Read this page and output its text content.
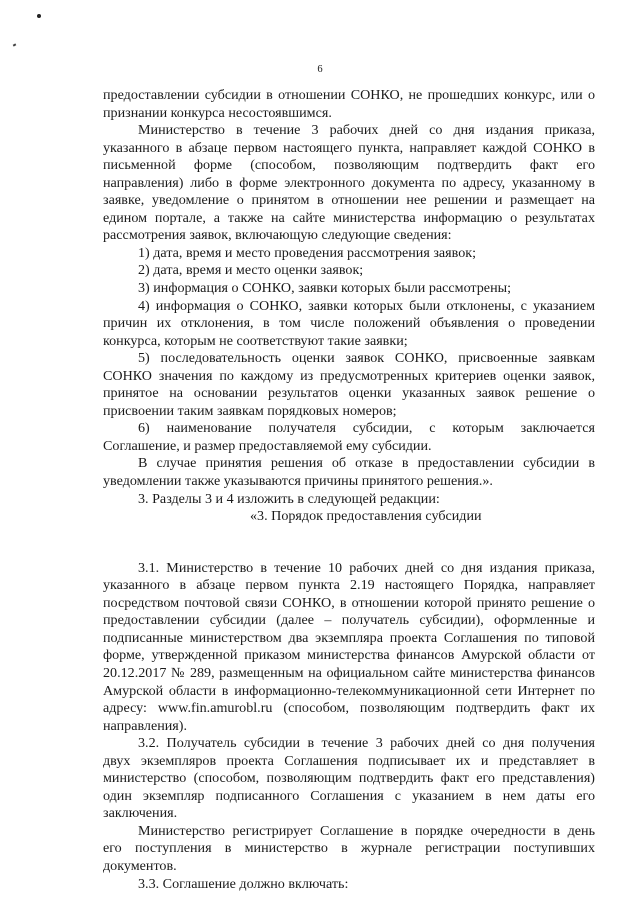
6

предоставлении субсидии в отношении СОНКО, не прошедших конкурс, или о

признании конкурса несостоявшимся.

Министерство в течение 3 рабочих дней со дня издания приказа,

указанного в абзаце первом настоящего пункта, направляет каждой СОНКО в

письменной форме (способом, позволяющим подтвердить факт его

направления) либо в форме электронного документа по адресу, указанному в

заявке, уведомление о принятом в отношении нее решении и размещает на

едином портале, а также на сайте министерства информацию о результатах

рассмотрения заявок, включающую следующие сведения:

1) дата, время и место проведения рассмотрения заявок;

2) дата, время и место оценки заявок;

3) информация о СОНКО, заявки которых были рассмотрены;

4) информация о СОНКО, заявки которых были отклонены, с указанием

причин их отклонения, в том числе положений объявления о проведении

конкурса, которым не соответствуют такие заявки;

5) последовательность оценки заявок СОНКО, присвоенные заявкам

СОНКО значения по каждому из предусмотренных критериев оценки заявок,

принятое на основании результатов оценки указанных заявок решение о

присвоении таким заявкам порядковых номеров;

6) наименование получателя субсидии, с которым заключается

Соглашение, и размер предоставляемой ему субсидии.

В случае принятия решения об отказе в предоставлении субсидии в

уведомлении также указываются причины принятого решения.».

3. Разделы 3 и 4 изложить в следующей редакции:

«3. Порядок предоставления субсидии

3.1. Министерство в течение 10 рабочих дней со дня издания приказа,

указанного в абзаце первом пункта 2.19 настоящего Порядка, направляет

посредством почтовой связи СОНКО, в отношении которой принято решение о

предоставлении субсидии (далее – получатель субсидии), оформленные и

подписанные министерством два экземпляра проекта Соглашения по типовой

форме, утвержденной приказом министерства финансов Амурской области от

20.12.2017 № 289, размещенным на официальном сайте министерства финансов

Амурской области в информационно-телекоммуникационной сети Интернет по

адресу: www.fin.amurobl.ru (способом, позволяющим подтвердить факт их

направления).

3.2. Получатель субсидии в течение 3 рабочих дней со дня получения

двух экземпляров проекта Соглашения подписывает их и представляет в

министерство (способом, позволяющим подтвердить факт его представления)

один экземпляр подписанного Соглашения с указанием в нем даты его

заключения.

Министерство регистрирует Соглашение в порядке очередности в день

его поступления в министерство в журнале регистрации поступивших

документов.

3.3. Соглашение должно включать:
